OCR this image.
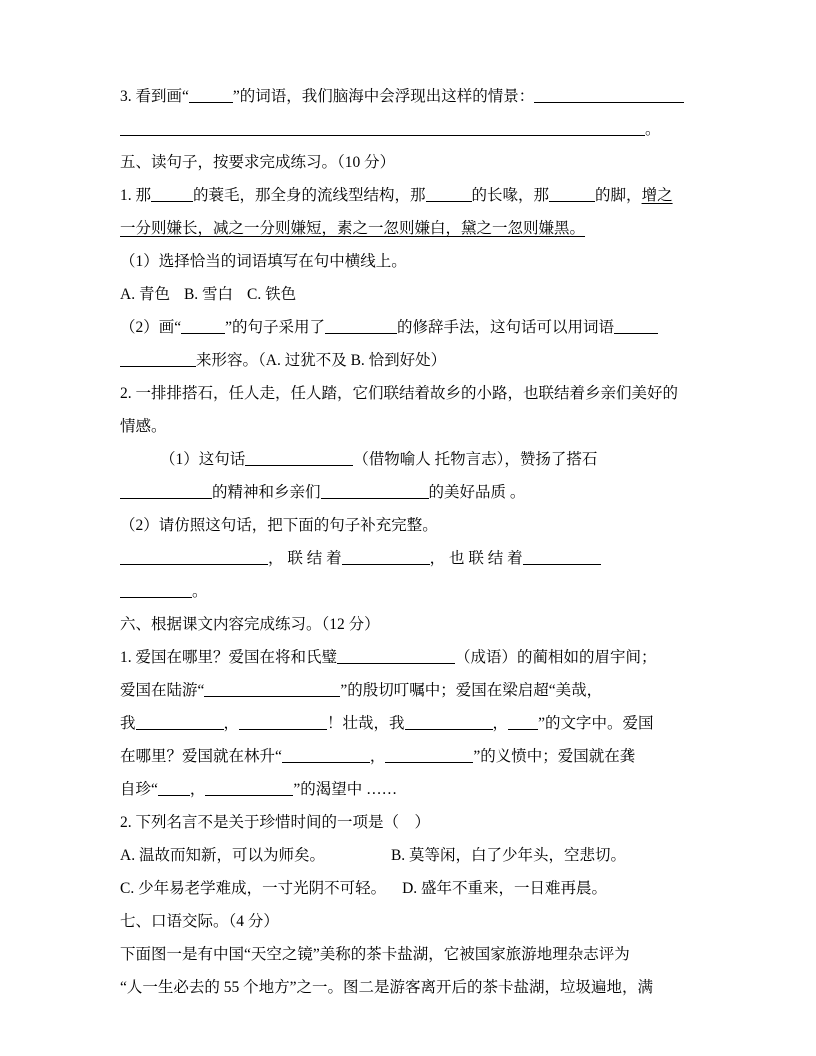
3. 看到画“	”的词语，我们脑海中会浮现出这样的情景：
。
五、读句子，按要求完成练习。（10 分）
1. 那	的蓑毛，那全身的流线型结构，那	的长喙，那	的脚，增之
一分则嫌长，减之一分则嫌短，素之一忽则嫌白，黛之一忽则嫌黑。
（1）选择恰当的词语填写在句中横线上。
A. 青色 B. 雪白 C. 铁色
（2）画“	”的句子采用了	的修辞手法，这句话可以用词语
来形容。（A. 过犹不及 B. 恰到好处）
2. 一排排搭石，任人走，任人踏，它们联结着故乡的小路，也联结着乡亲们美好的
情感。
（1）这句话	（借物喻人 托物言志），赞扬了搭石
的精神和乡亲们	的美好品质 。
（2）请仿照这句话，把下面的句子补充完整。
， 联 结 着	， 也 联 结 着
。
六、根据课文内容完成练习。（12 分）
1. 爱国在哪里？爱国在将和氏璧	（成语）的蔺相如的眉宇间；
爱国在陆游“	”的殷切叮嘱中；爱国在梁启超“美哉，
我	，	！壮哉，我	， ”的文字中。爱国
在哪里？爱国就在林升“	，	”的义愤中；爱国就在龚
自珍“ ，	”的渴望中 ……
2. 下列名言不是关于珍惜时间的一项是（　）
A. 温故而知新，可以为师矣。	B. 莫等闲，白了少年头，空悲切。
C. 少年易老学难成，一寸光阴不可轻。 D. 盛年不重来，一日难再晨。
七、口语交际。（4 分）
下面图一是有中国“天空之镜”美称的茶卡盐湖，它被国家旅游地理杂志评为
“人一生必去的 55 个地方”之一。图二是游客离开后的茶卡盐湖，垃圾遍地，满
